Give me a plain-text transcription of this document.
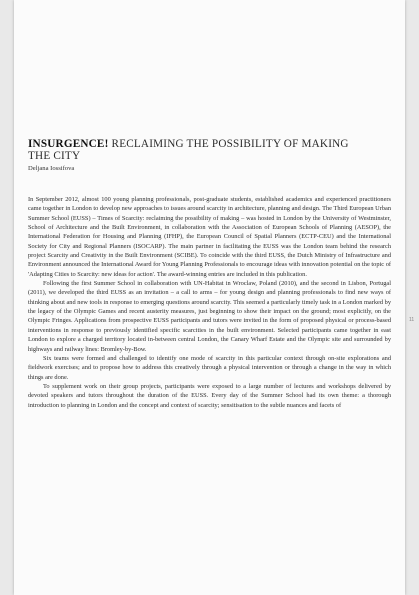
INSURGENCE! RECLAIMING THE POSSIBILITY OF MAKING THE CITY

Deljana Iossifova

In September 2012, almost 100 young planning professionals, post-graduate students, established academics and experienced practitioners came together in London to develop new approaches to issues around scarcity in architecture, planning and design. The Third European Urban Summer School (EUSS) – Times of Scarcity: reclaiming the possibility of making – was hosted in London by the University of Westminster, School of Architecture and the Built Environment, in collaboration with the Association of European Schools of Planning (AESOP), the International Federation for Housing and Planning (IFHP), the European Council of Spatial Planners (ECTP-CEU) and the International Society for City and Regional Planners (ISOCARP). The main partner in facilitating the EUSS was the London team behind the research project Scarcity and Creativity in the Built Environment (SCIBE). To coincide with the third EUSS, the Dutch Ministry of Infrastructure and Environment announced the International Award for Young Planning Professionals to encourage ideas with innovation potential on the topic of 'Adapting Cities to Scarcity: new ideas for action'. The award-winning entries are included in this publication.

Following the first Summer School in collaboration with UN-Habitat in Wroclaw, Poland (2010), and the second in Lisbon, Portugal (2011), we developed the third EUSS as an invitation – a call to arms – for young design and planning professionals to find new ways of thinking about and new tools in response to emerging questions around scarcity. This seemed a particularly timely task in a London marked by the legacy of the Olympic Games and recent austerity measures, just beginning to show their impact on the ground; most explicitly, on the Olympic Fringes. Applications from prospective EUSS participants and tutors were invited in the form of proposed physical or process-based interventions in response to previously identified specific scarcities in the built environment. Selected participants came together in east London to explore a charged territory located in-between central London, the Canary Wharf Estate and the Olympic site and surrounded by highways and railway lines: Bromley-by-Bow.

Six teams were formed and challenged to identify one mode of scarcity in this particular context through on-site explorations and fieldwork exercises; and to propose how to address this creatively through a physical intervention or through a change in the way in which things are done.

To supplement work on their group projects, participants were exposed to a large number of lectures and workshops delivered by devoted speakers and tutors throughout the duration of the EUSS. Every day of the Summer School had its own theme: a thorough introduction to planning in London and the concept and context of scarcity; sensitisation to the subtle nuances and facets of

11
